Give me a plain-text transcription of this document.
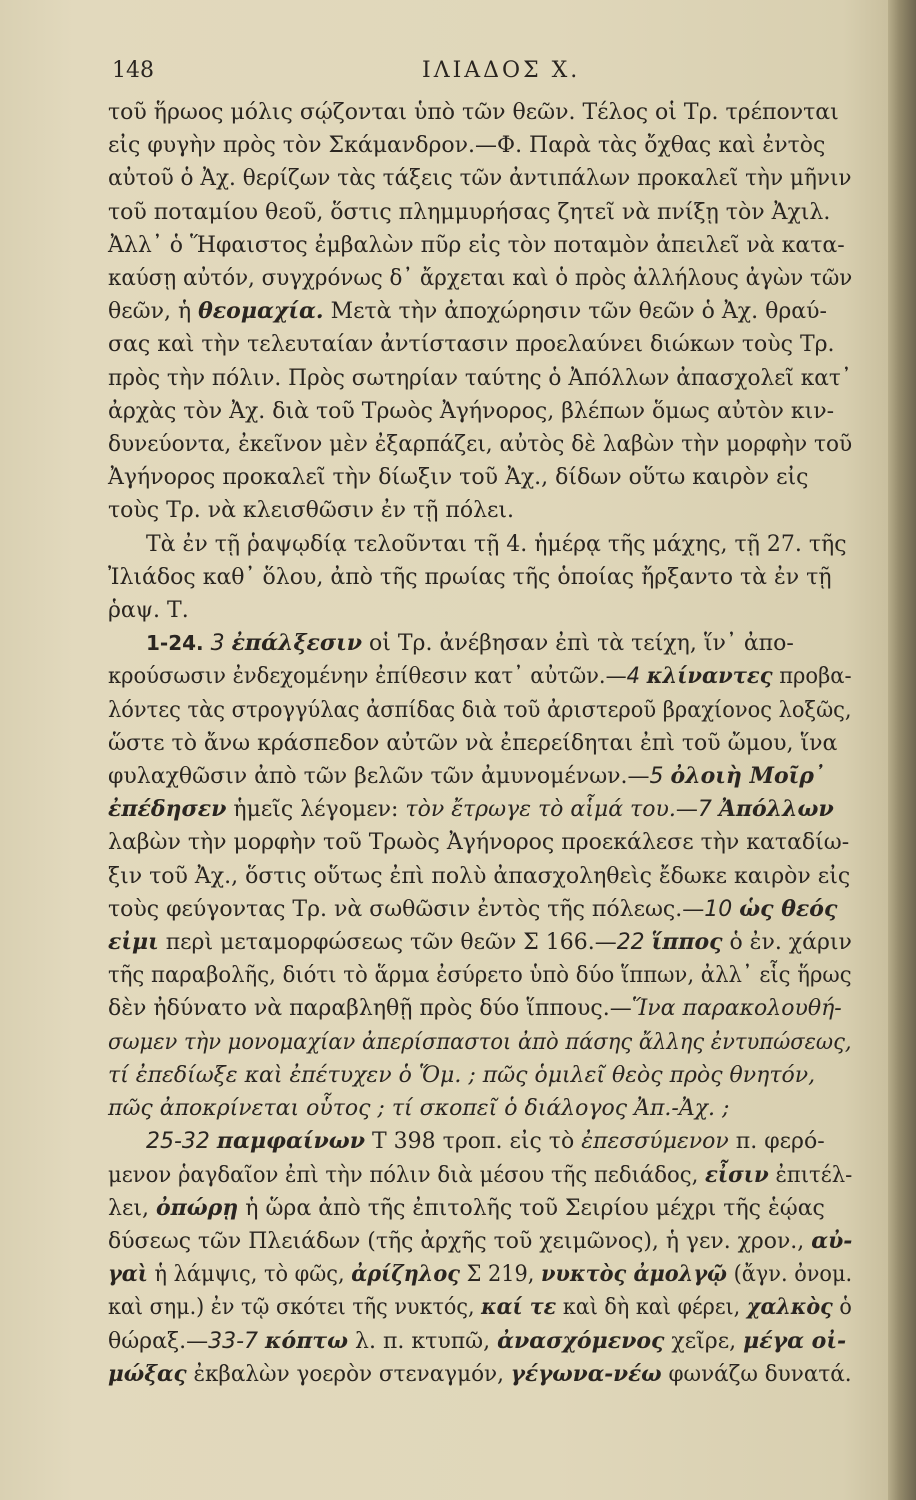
148	ΙΛΙΑΔΟΣ Χ.
τοῦ ἥρωος μόλις σῴζονται ὑπὸ τῶν θεῶν. Τέλος οἱ Τρ. τρέπονται
εἰς φυγὴν πρὸς τὸν Σκάμανδρον.—Φ. Παρὰ τὰς ὄχθας καὶ ἐντὸς
αὐτοῦ ὁ Ἀχ. θερίζων τὰς τάξεις τῶν ἀντιπάλων προκαλεῖ τὴν μῆνιν
τοῦ ποταμίου θεοῦ, ὅστις πλημμυρήσας ζητεῖ νὰ πνίξῃ τὸν Ἀχιλ.
Ἀλλ᾿ ὁ Ἥφαιστος ἐμβαλὼν πῦρ εἰς τὸν ποταμὸν ἀπειλεῖ νὰ κατα-
καύσῃ αὐτόν, συγχρόνως δ᾿ ἄρχεται καὶ ὁ πρὸς ἀλλήλους ἀγὼν τῶν
θεῶν, ἡ θεομαχία. Μετὰ τὴν ἀποχώρησιν τῶν θεῶν ὁ Ἀχ. θραύ-
σας καὶ τὴν τελευταίαν ἀντίστασιν προελαύνει διώκων τοὺς Τρ.
πρὸς τὴν πόλιν. Πρὸς σωτηρίαν ταύτης ὁ Ἀπόλλων ἀπασχολεῖ κατ᾿
ἀρχὰς τὸν Ἀχ. διὰ τοῦ Τρωὸς Ἀγήνορος, βλέπων ὅμως αὐτὸν κιν-
δυνεύοντα, ἐκεῖνον μὲν ἐξαρπάζει, αὐτὸς δὲ λαβὼν τὴν μορφὴν τοῦ
Ἀγήνορος προκαλεῖ τὴν δίωξιν τοῦ Ἀχ., δίδων οὕτω καιρὸν εἰς
τοὺς Τρ. νὰ κλεισθῶσιν ἐν τῇ πόλει.
Τὰ ἐν τῇ ῥαψῳδίᾳ τελοῦνται τῇ 4. ἡμέρᾳ τῆς μάχης, τῇ 27. τῆς
Ἰλιάδος καθ᾿ ὅλου, ἀπὸ τῆς πρωίας τῆς ὁποίας ἤρξαντο τὰ ἐν τῇ
ῥαψ. Τ.
1-24. 3 ἐπάλξεσιν οἱ Τρ. ἀνέβησαν ἐπὶ τὰ τείχη, ἵν᾿ ἀπο-
κρούσωσιν ἐνδεχομένην ἐπίθεσιν κατ᾿ αὐτῶν.—4 κλίναντες προβα-
λόντες τὰς στρογγύλας ἀσπίδας διὰ τοῦ ἀριστεροῦ βραχίονος λοξῶς,
ὥστε τὸ ἄνω κράσπεδον αὐτῶν νὰ ἐπερείδηται ἐπὶ τοῦ ὤμου, ἵνα
φυλαχθῶσιν ἀπὸ τῶν βελῶν τῶν ἀμυνομένων.—5 ὀλοιὴ Μοῖρ᾿
ἐπέδησεν ἡμεῖς λέγομεν: τὸν ἔτρωγε τὸ αἷμά του.—7 Ἀπόλλων
λαβὼν τὴν μορφὴν τοῦ Τρωὸς Ἀγήνορος προεκάλεσε τὴν καταδίω-
ξιν τοῦ Ἀχ., ὅστις οὕτως ἐπὶ πολὺ ἀπασχοληθεὶς ἔδωκε καιρὸν εἰς
τοὺς φεύγοντας Τρ. νὰ σωθῶσιν ἐντὸς τῆς πόλεως.—10 ὡς θεός
εἰμι περὶ μεταμορφώσεως τῶν θεῶν Σ 166.—22 ἵππος ὁ ἐν. χάριν
τῆς παραβολῆς, διότι τὸ ἅρμα ἐσύρετο ὑπὸ δύο ἵππων, ἀλλ᾿ εἷς ἥρως
δὲν ἠδύνατο νὰ παραβληθῇ πρὸς δύο ἵππους.—Ἵνα παρακολουθή-
σωμεν τὴν μονομαχίαν ἀπερίσπαστοι ἀπὸ πάσης ἄλλης ἐντυπώσεως,
τί ἐπεδίωξε καὶ ἐπέτυχεν ὁ Ὅμ. ; πῶς ὁμιλεῖ θεὸς πρὸς θνητόν,
πῶς ἀποκρίνεται οὗτος ; τί σκοπεῖ ὁ διάλογος Ἀπ.-Ἀχ. ;
25-32 παμφαίνων Τ 398 τροπ. εἰς τὸ ἐπεσσύμενον π. φερό-
μενον ῥαγδαῖον ἐπὶ τὴν πόλιν διὰ μέσου τῆς πεδιάδος, εἶσιν ἐπιτέλ-
λει, ὀπώρῃ ἡ ὥρα ἀπὸ τῆς ἐπιτολῆς τοῦ Σειρίου μέχρι τῆς ἑῴας
δύσεως τῶν Πλειάδων (τῆς ἀρχῆς τοῦ χειμῶνος), ἡ γεν. χρον., αὐ-
γαὶ ἡ λάμψις, τὸ φῶς, ἀρίζηλος Σ 219, νυκτὸς ἀμολγῷ (ἄγν. ὀνομ.
καὶ σημ.) ἐν τῷ σκότει τῆς νυκτός, καί τε καὶ δὴ καὶ φέρει, χαλκὸς ὁ
θώραξ.—33-7 κόπτω λ. π. κτυπῶ, ἀνασχόμενος χεῖρε, μέγα οἰ-
μώξας ἐκβαλὼν γοερὸν στεναγμόν, γέγωνα-νέω φωνάζω δυνατά.
